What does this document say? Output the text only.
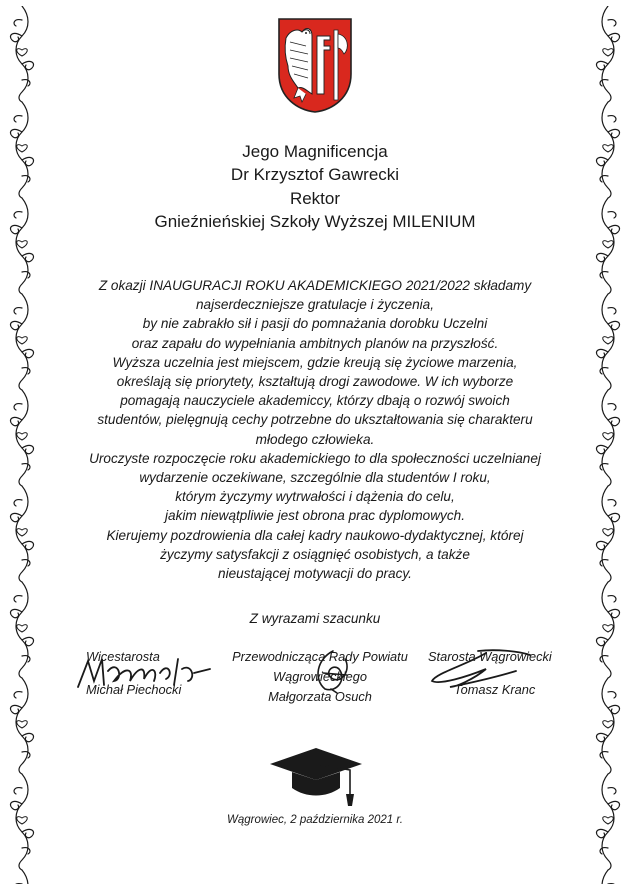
Jego Magnificencja
Dr Krzysztof Gawrecki
Rektor
Gnieźnieńskiej Szkoły Wyższej MILENIUM
Z okazji INAUGURACJI ROKU AKADEMICKIEGO 2021/2022 składamy
najserdeczniejsze gratulacje i życzenia,
by nie zabrakło sił i pasji do pomnażania dorobku Uczelni
oraz zapału do wypełniania ambitnych planów na przyszłość.
Wyższa uczelnia jest miejscem, gdzie kreują się życiowe marzenia,
określają się priorytety, kształtują drogi zawodowe. W ich wyborze
pomagają nauczyciele akademiccy, którzy dbają o rozwój swoich
studentów, pielęgnują cechy potrzebne do ukształtowania się charakteru
młodego człowieka.
Uroczyste rozpoczęcie roku akademickiego to dla społeczności uczelnianej
wydarzenie oczekiwane, szczególnie dla studentów I roku,
którym życzymy wytrwałości i dążenia do celu,
jakim niewątpliwie jest obrona prac dyplomowych.
Kierujemy pozdrowienia dla całej kadry naukowo-dydaktycznej, której
życzymy satysfakcji z osiągnięć osobistych, a także
nieustającej motywacji do pracy.
Z wyrazami szacunku
Wicestarosta
Michał Piechocki
Przewodnicząca Rady Powiatu
Wągrowieckiego
Małgorzata Osuch
Starosta Wągrowiecki
Tomasz Kranc
Wągrowiec, 2 października 2021 r.
